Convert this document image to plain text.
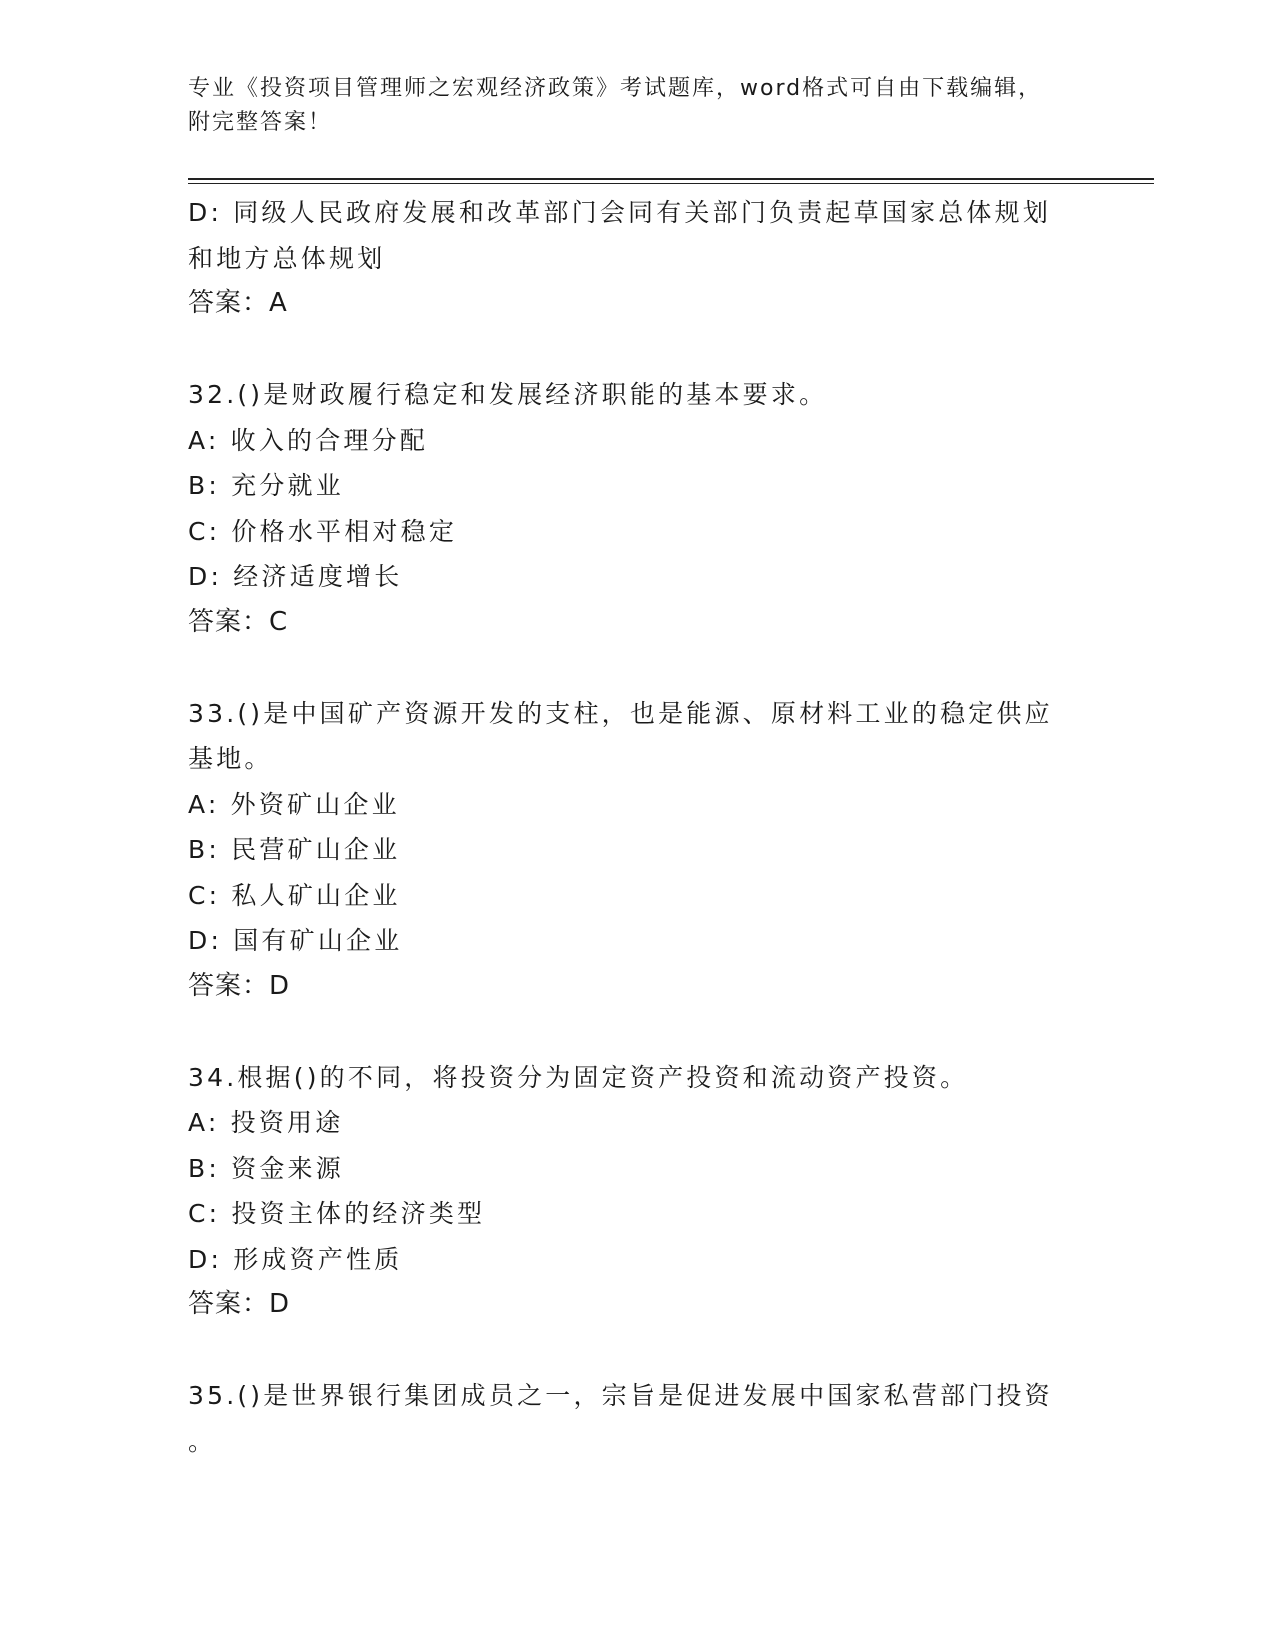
专业《投资项目管理师之宏观经济政策》考试题库，word格式可自由下载编辑，
附完整答案！
D: 同级人民政府发展和改革部门会同有关部门负责起草国家总体规划
和地方总体规划
答案：A
32.()是财政履行稳定和发展经济职能的基本要求。
A: 收入的合理分配
B: 充分就业
C: 价格水平相对稳定
D: 经济适度增长
答案：C
33.()是中国矿产资源开发的支柱，也是能源、原材料工业的稳定供应
基地。
A: 外资矿山企业
B: 民营矿山企业
C: 私人矿山企业
D: 国有矿山企业
答案：D
34.根据()的不同，将投资分为固定资产投资和流动资产投资。
A: 投资用途
B: 资金来源
C: 投资主体的经济类型
D: 形成资产性质
答案：D
35.()是世界银行集团成员之一，宗旨是促进发展中国家私营部门投资
。
